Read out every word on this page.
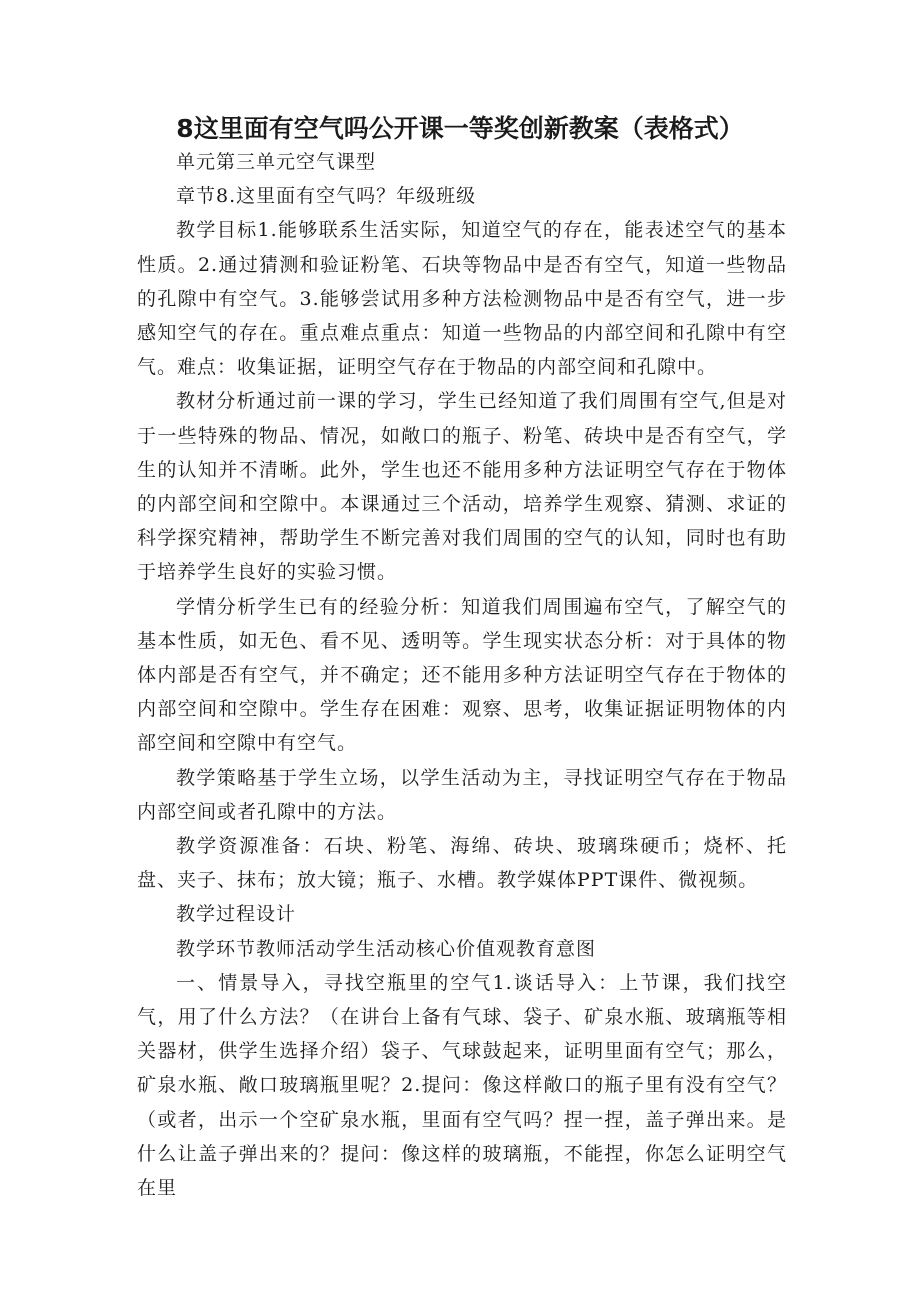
8这里面有空气吗公开课一等奖创新教案（表格式）

单元第三单元空气课型

章节8.这里面有空气吗？年级班级

教学目标1.能够联系生活实际，知道空气的存在，能表述空气的基本性质。2.通过猜测和验证粉笔、石块等物品中是否有空气，知道一些物品的孔隙中有空气。3.能够尝试用多种方法检测物品中是否有空气，进一步感知空气的存在。重点难点重点：知道一些物品的内部空间和孔隙中有空气。难点：收集证据，证明空气存在于物品的内部空间和孔隙中。

教材分析通过前一课的学习，学生已经知道了我们周围有空气,但是对于一些特殊的物品、情况，如敞口的瓶子、粉笔、砖块中是否有空气，学生的认知并不清晰。此外，学生也还不能用多种方法证明空气存在于物体的内部空间和空隙中。本课通过三个活动，培养学生观察、猜测、求证的科学探究精神，帮助学生不断完善对我们周围的空气的认知，同时也有助于培养学生良好的实验习惯。

学情分析学生已有的经验分析：知道我们周围遍布空气，了解空气的基本性质，如无色、看不见、透明等。学生现实状态分析：对于具体的物体内部是否有空气，并不确定；还不能用多种方法证明空气存在于物体的内部空间和空隙中。学生存在困难：观察、思考，收集证据证明物体的内部空间和空隙中有空气。

教学策略基于学生立场，以学生活动为主，寻找证明空气存在于物品内部空间或者孔隙中的方法。

教学资源准备：石块、粉笔、海绵、砖块、玻璃珠硬币；烧杯、托盘、夹子、抹布；放大镜；瓶子、水槽。教学媒体PPT课件、微视频。

教学过程设计

教学环节教师活动学生活动核心价值观教育意图

一、情景导入，寻找空瓶里的空气1.谈话导入：上节课，我们找空气，用了什么方法？（在讲台上备有气球、袋子、矿泉水瓶、玻璃瓶等相关器材，供学生选择介绍）袋子、气球鼓起来，证明里面有空气；那么，矿泉水瓶、敞口玻璃瓶里呢？2.提问：像这样敞口的瓶子里有没有空气？（或者，出示一个空矿泉水瓶，里面有空气吗？捏一捏，盖子弹出来。是什么让盖子弹出来的？提问：像这样的玻璃瓶，不能捏，你怎么证明空气在里
